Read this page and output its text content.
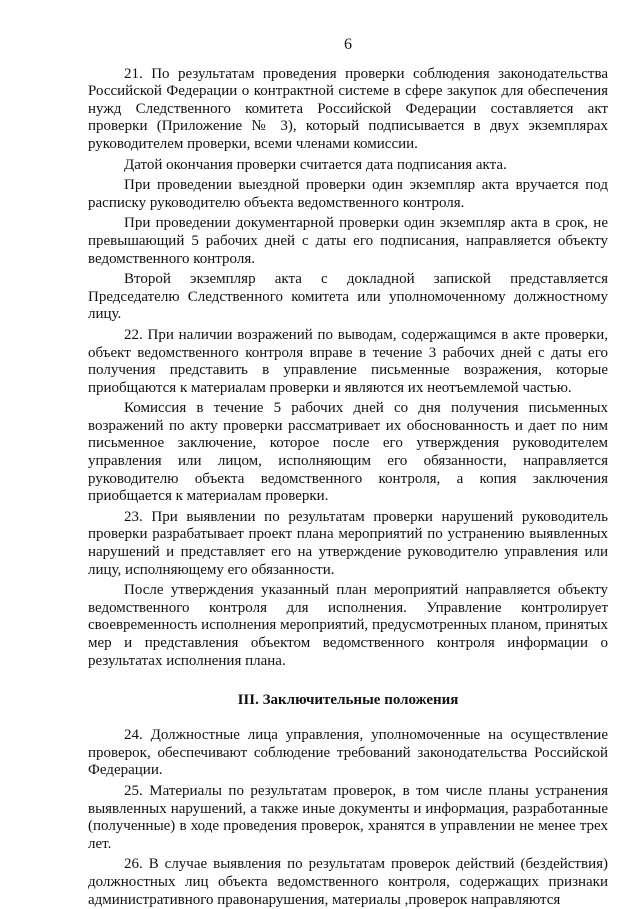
6

21. По результатам проведения проверки соблюдения законодательства Российской Федерации о контрактной системе в сфере закупок для обеспечения нужд Следственного комитета Российской Федерации составляется акт проверки (Приложение № 3), который подписывается в двух экземплярах руководителем проверки, всеми членами комиссии.

Датой окончания проверки считается дата подписания акта.

При проведении выездной проверки один экземпляр акта вручается под расписку руководителю объекта ведомственного контроля.

При проведении документарной проверки один экземпляр акта в срок, не превышающий 5 рабочих дней с даты его подписания, направляется объекту ведомственного контроля.

Второй экземпляр акта с докладной запиской представляется Председателю Следственного комитета или уполномоченному должностному лицу.

22. При наличии возражений по выводам, содержащимся в акте проверки, объект ведомственного контроля вправе в течение 3 рабочих дней с даты его получения представить в управление письменные возражения, которые приобщаются к материалам проверки и являются их неотъемлемой частью.

Комиссия в течение 5 рабочих дней со дня получения письменных возражений по акту проверки рассматривает их обоснованность и дает по ним письменное заключение, которое после его утверждения руководителем управления или лицом, исполняющим его обязанности, направляется руководителю объекта ведомственного контроля, а копия заключения приобщается к материалам проверки.

23. При выявлении по результатам проверки нарушений руководитель проверки разрабатывает проект плана мероприятий по устранению выявленных нарушений и представляет его на утверждение руководителю управления или лицу, исполняющему его обязанности.

После утверждения указанный план мероприятий направляется объекту ведомственного контроля для исполнения. Управление контролирует своевременность исполнения мероприятий, предусмотренных планом, принятых мер и представления объектом ведомственного контроля информации о результатах исполнения плана.

III. Заключительные положения

24. Должностные лица управления, уполномоченные на осуществление проверок, обеспечивают соблюдение требований законодательства Российской Федерации.

25. Материалы по результатам проверок, в том числе планы устранения выявленных нарушений, а также иные документы и информация, разработанные (полученные) в ходе проведения проверок, хранятся в управлении не менее трех лет.

26. В случае выявления по результатам проверок действий (бездействия) должностных лиц объекта ведомственного контроля, содержащих признаки административного правонарушения, материалы ,проверок направляются
